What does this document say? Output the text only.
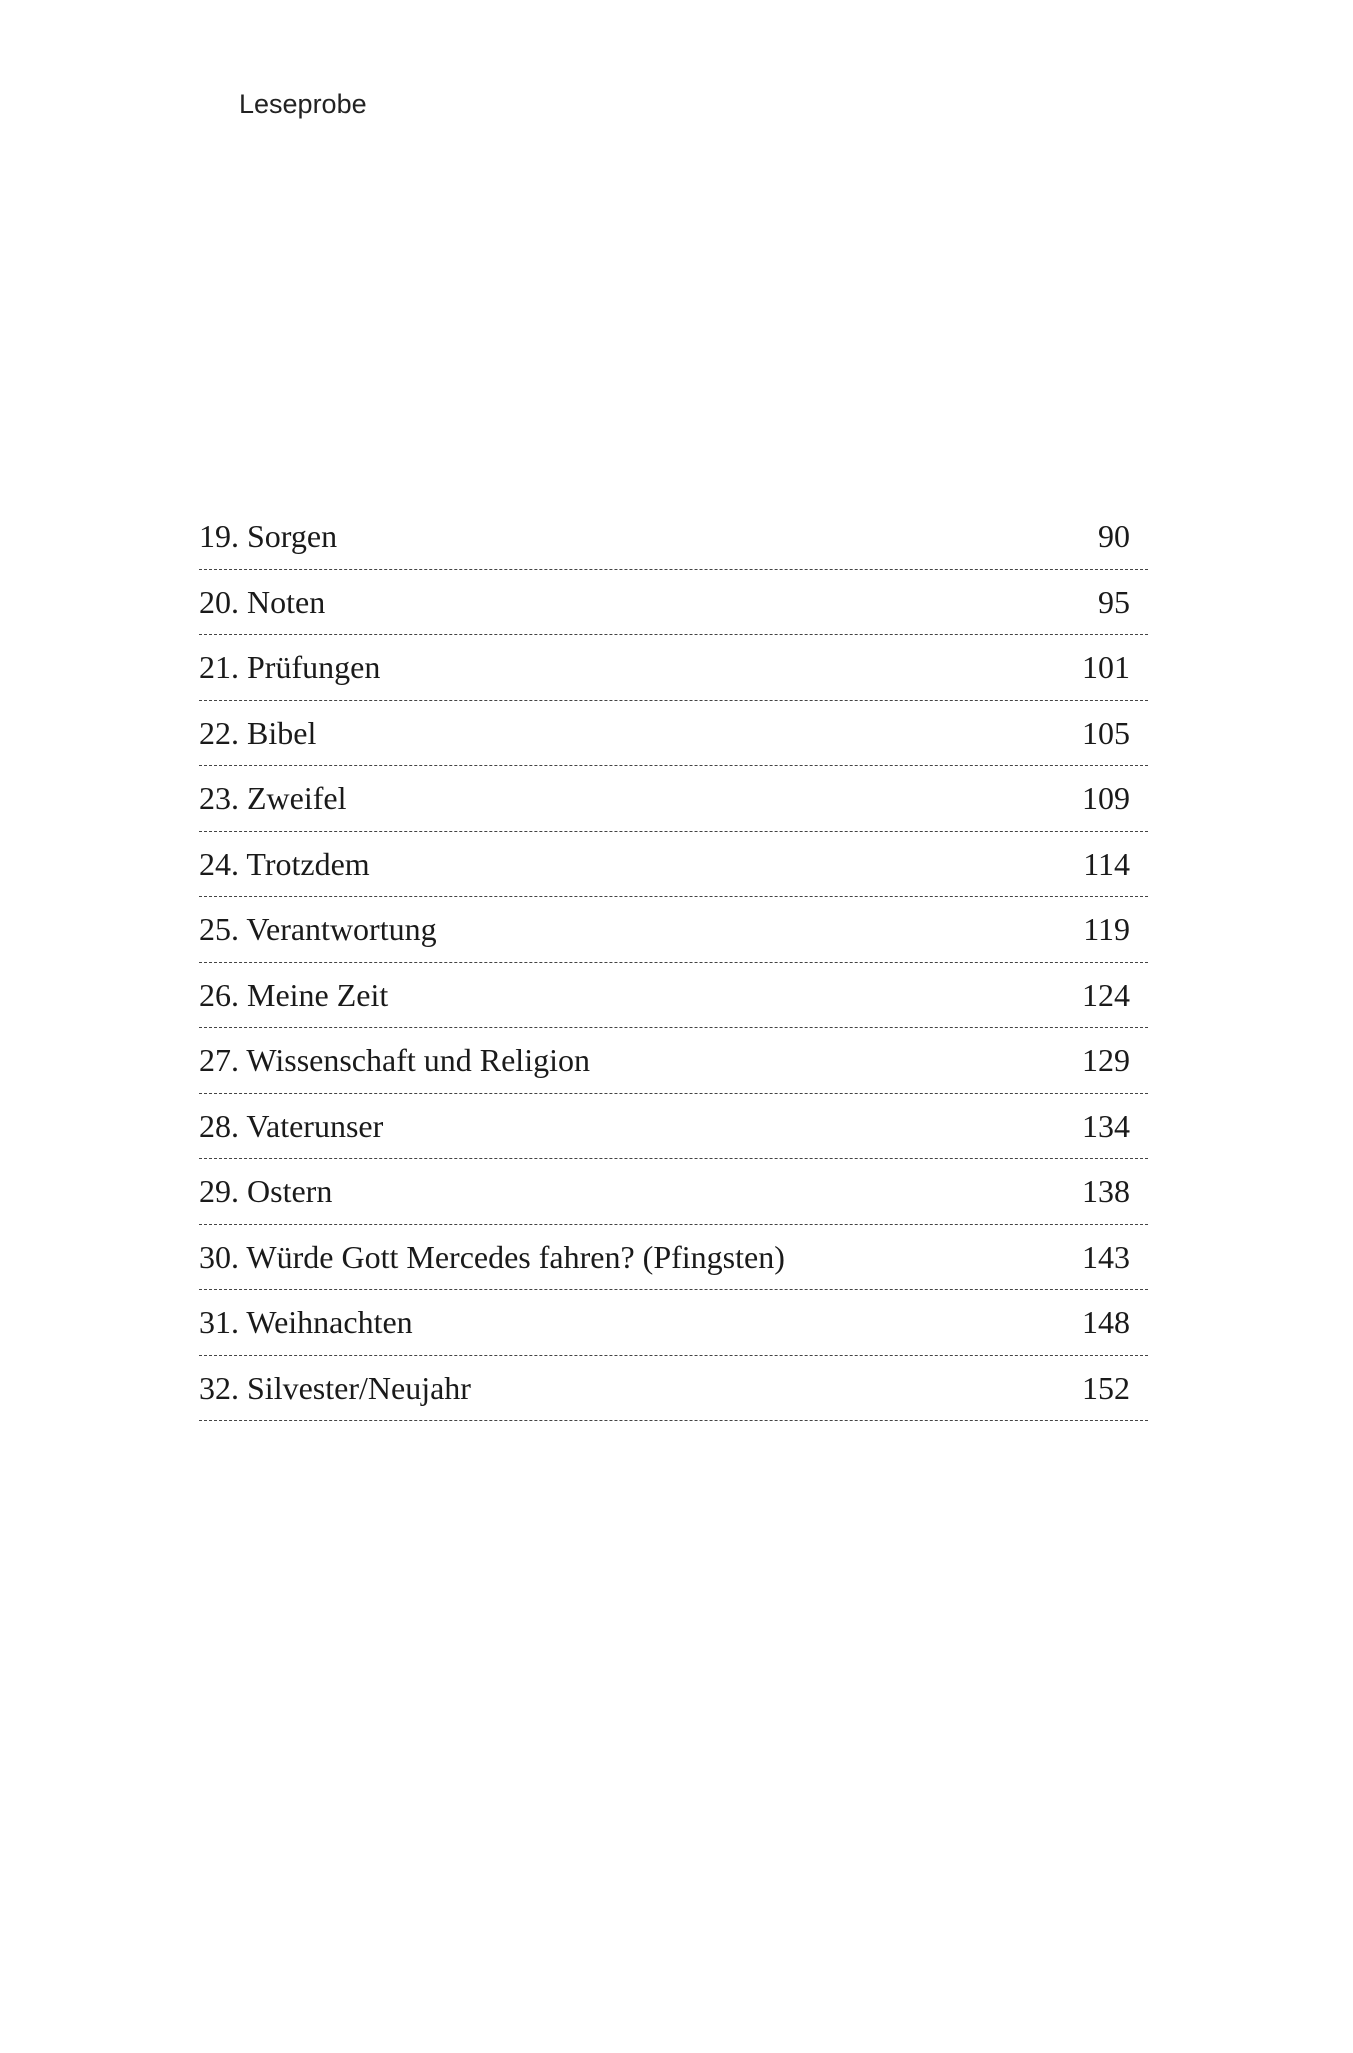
Leseprobe
19. Sorgen	90
20. Noten	95
21. Prüfungen	101
22. Bibel	105
23. Zweifel	109
24. Trotzdem	114
25. Verantwortung	119
26. Meine Zeit	124
27. Wissenschaft und Religion	129
28. Vaterunser	134
29. Ostern	138
30. Würde Gott Mercedes fahren? (Pfingsten)	143
31. Weihnachten	148
32. Silvester/Neujahr	152
